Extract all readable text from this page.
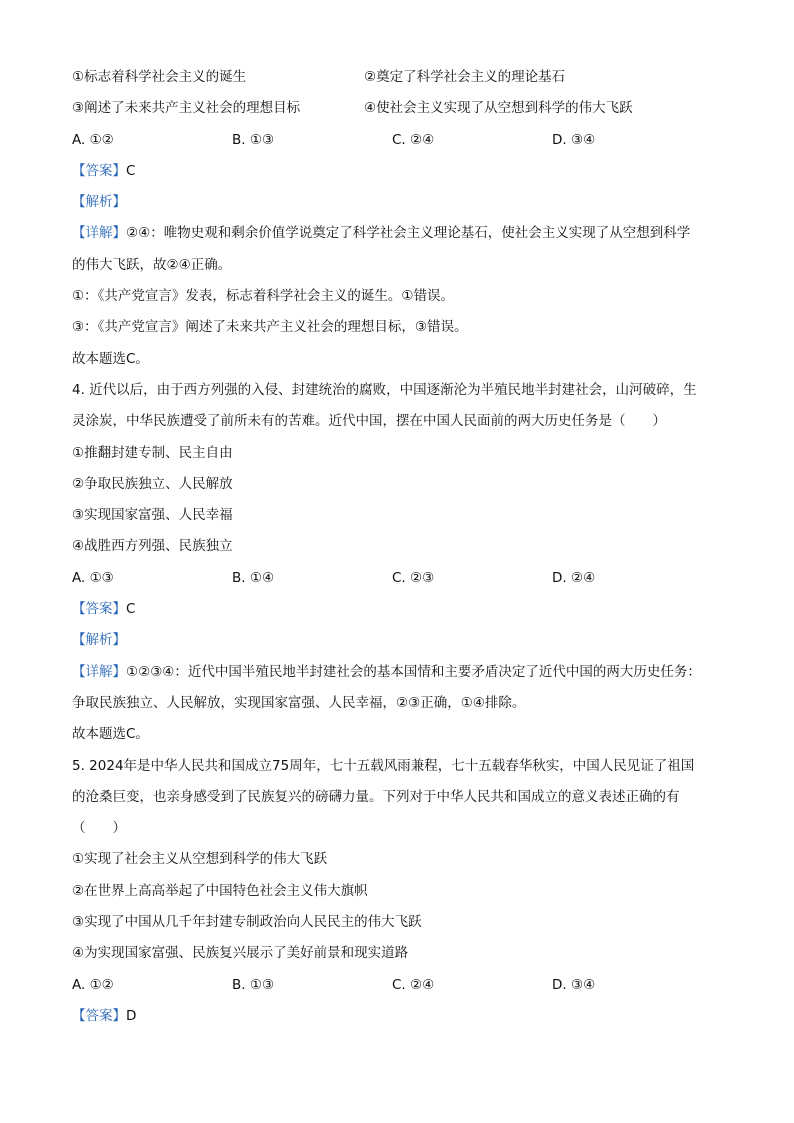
①标志着科学社会主义的诞生	②奠定了科学社会主义的理论基石
③阐述了未来共产主义社会的理想目标	④使社会主义实现了从空想到科学的伟大飞跃
A. ①②	B. ①③	C. ②④	D. ③④
【答案】C
【解析】
【详解】②④：唯物史观和剩余价值学说奠定了科学社会主义理论基石，使社会主义实现了从空想到科学
的伟大飞跃，故②④正确。
①：《共产党宣言》发表，标志着科学社会主义的诞生。①错误。
③：《共产党宣言》阐述了未来共产主义社会的理想目标，③错误。
故本题选C。
4. 近代以后，由于西方列强的入侵、封建统治的腐败，中国逐渐沦为半殖民地半封建社会，山河破碎，生
灵涂炭，中华民族遭受了前所未有的苦难。近代中国，摆在中国人民面前的两大历史任务是（　　）
①推翻封建专制、民主自由
②争取民族独立、人民解放
③实现国家富强、人民幸福
④战胜西方列强、民族独立
A. ①③	B. ①④	C. ②③	D. ②④
【答案】C
【解析】
【详解】①②③④：近代中国半殖民地半封建社会的基本国情和主要矛盾决定了近代中国的两大历史任务：
争取民族独立、人民解放，实现国家富强、人民幸福，②③正确，①④排除。
故本题选C。
5. 2024年是中华人民共和国成立75周年，七十五载风雨兼程，七十五载春华秋实，中国人民见证了祖国
的沧桑巨变，也亲身感受到了民族复兴的磅礴力量。下列对于中华人民共和国成立的意义表述正确的有
（　　）
①实现了社会主义从空想到科学的伟大飞跃
②在世界上高高举起了中国特色社会主义伟大旗帜
③实现了中国从几千年封建专制政治向人民民主的伟大飞跃
④为实现国家富强、民族复兴展示了美好前景和现实道路
A. ①②	B. ①③	C. ②④	D. ③④
【答案】D
